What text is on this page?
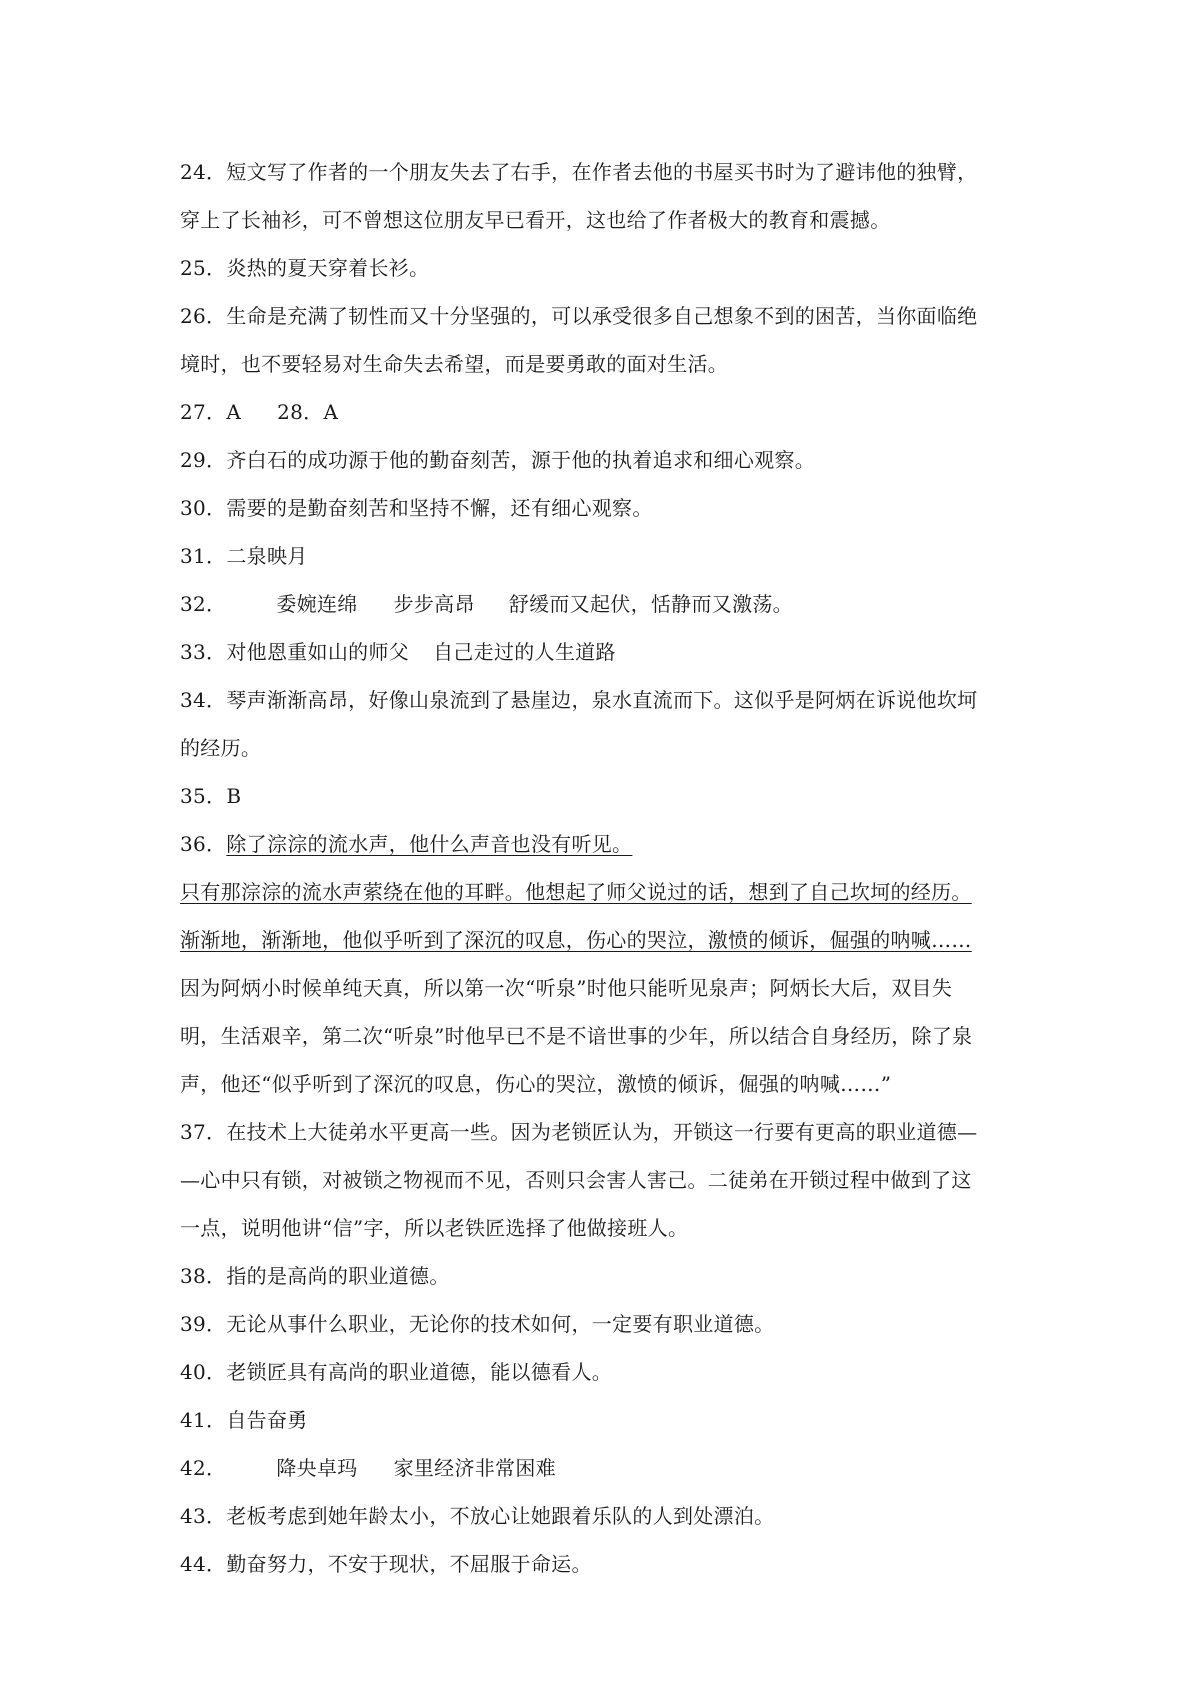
24．短文写了作者的一个朋友失去了右手，在作者去他的书屋买书时为了避讳他的独臂，
穿上了长袖衫，可不曾想这位朋友早已看开，这也给了作者极大的教育和震撼。
25．炎热的夏天穿着长衫。
26．生命是充满了韧性而又十分坚强的，可以承受很多自己想象不到的困苦，当你面临绝
境时，也不要轻易对生命失去希望，而是要勇敢的面对生活。
27．A 28．A
29．齐白石的成功源于他的勤奋刻苦，源于他的执着追求和细心观察。
30．需要的是勤奋刻苦和坚持不懈，还有细心观察。
31．二泉映月
32．	委婉连绵 步步高昂 舒缓而又起伏，恬静而又激荡。
33．对他恩重如山的师父 自己走过的人生道路
34．琴声渐渐高昂，好像山泉流到了悬崖边，泉水直流而下。这似乎是阿炳在诉说他坎坷
的经历。
35．B
36．除了淙淙的流水声，他什么声音也没有听见。
只有那淙淙的流水声萦绕在他的耳畔。他想起了师父说过的话，想到了自己坎坷的经历。
渐渐地，渐渐地，他似乎听到了深沉的叹息，伤心的哭泣，激愤的倾诉，倔强的呐喊……
因为阿炳小时候单纯天真，所以第一次“听泉”时他只能听见泉声；阿炳长大后，双目失
明，生活艰辛，第二次“听泉”时他早已不是不谙世事的少年，所以结合自身经历，除了泉
声，他还“似乎听到了深沉的叹息，伤心的哭泣，激愤的倾诉，倔强的呐喊……”
37．在技术上大徒弟水平更高一些。因为老锁匠认为，开锁这一行要有更高的职业道德—
—心中只有锁，对被锁之物视而不见，否则只会害人害己。二徒弟在开锁过程中做到了这
一点，说明他讲“信”字，所以老铁匠选择了他做接班人。
38．指的是高尚的职业道德。
39．无论从事什么职业，无论你的技术如何，一定要有职业道德。
40．老锁匠具有高尚的职业道德，能以德看人。
41．自告奋勇
42．	降央卓玛 家里经济非常困难
43．老板考虑到她年龄太小，不放心让她跟着乐队的人到处漂泊。
44．勤奋努力，不安于现状，不屈服于命运。
